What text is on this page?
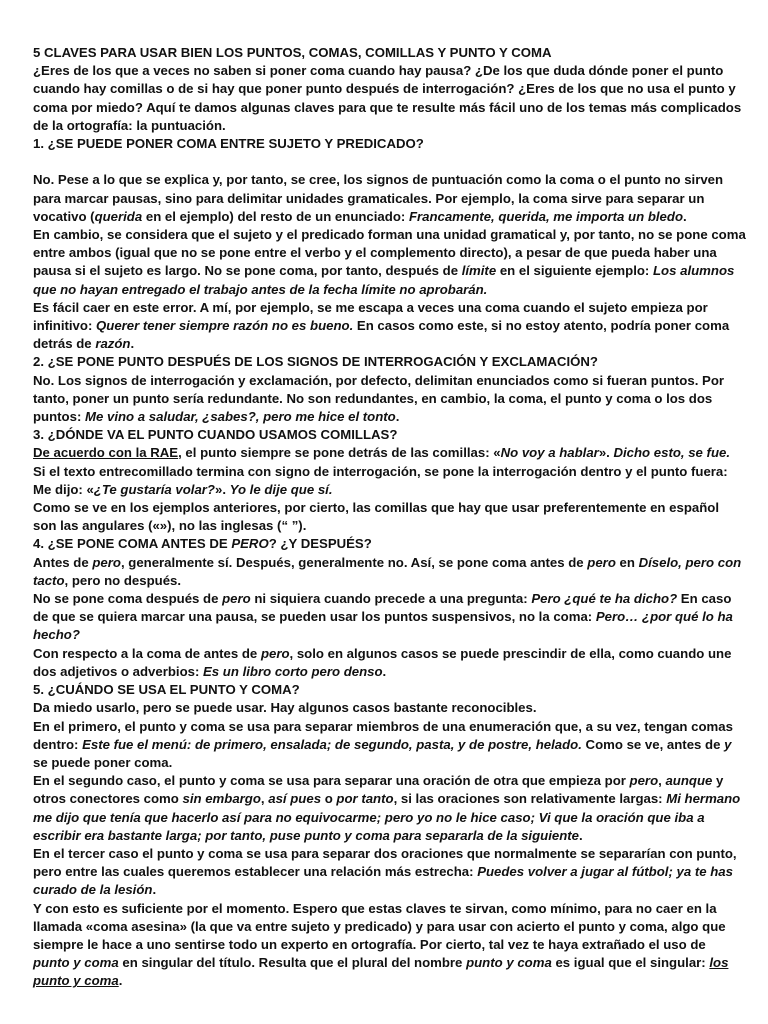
5 CLAVES PARA USAR BIEN LOS PUNTOS, COMAS, COMILLAS Y PUNTO Y COMA

¿Eres de los que a veces no saben si poner coma cuando hay pausa? ¿De los que duda dónde poner el punto cuando hay comillas o de si hay que poner punto después de interrogación? ¿Eres de los que no usa el punto y coma por miedo? Aquí te damos algunas claves para que te resulte más fácil uno de los temas más complicados de la ortografía: la puntuación.

1. ¿SE PUEDE PONER COMA ENTRE SUJETO Y PREDICADO?

No. Pese a lo que se explica y, por tanto, se cree, los signos de puntuación como la coma o el punto no sirven para marcar pausas, sino para delimitar unidades gramaticales. Por ejemplo, la coma sirve para separar un vocativo (querida en el ejemplo) del resto de un enunciado: Francamente, querida, me importa un bledo.

En cambio, se considera que el sujeto y el predicado forman una unidad gramatical y, por tanto, no se pone coma entre ambos (igual que no se pone entre el verbo y el complemento directo), a pesar de que pueda haber una pausa si el sujeto es largo. No se pone coma, por tanto, después de límite en el siguiente ejemplo: Los alumnos que no hayan entregado el trabajo antes de la fecha límite no aprobarán.

Es fácil caer en este error. A mí, por ejemplo, se me escapa a veces una coma cuando el sujeto empieza por infinitivo: Querer tener siempre razón no es bueno. En casos como este, si no estoy atento, podría poner coma detrás de razón.

2. ¿SE PONE PUNTO DESPUÉS DE LOS SIGNOS DE INTERROGACIÓN Y EXCLAMACIÓN?

No. Los signos de interrogación y exclamación, por defecto, delimitan enunciados como si fueran puntos. Por tanto, poner un punto sería redundante. No son redundantes, en cambio, la coma, el punto y coma o los dos puntos: Me vino a saludar, ¿sabes?, pero me hice el tonto.

3. ¿DÓNDE VA EL PUNTO CUANDO USAMOS COMILLAS?

De acuerdo con la RAE, el punto siempre se pone detrás de las comillas: «No voy a hablar». Dicho esto, se fue. Si el texto entrecomillado termina con signo de interrogación, se pone la interrogación dentro y el punto fuera: Me dijo: «¿Te gustaría volar?». Yo le dije que sí.

Como se ve en los ejemplos anteriores, por cierto, las comillas que hay que usar preferentemente en español son las angulares («»), no las inglesas (“ ”).

4. ¿SE PONE COMA ANTES DE PERO? ¿Y DESPUÉS?

Antes de pero, generalmente sí. Después, generalmente no. Así, se pone coma antes de pero en Díselo, pero con tacto, pero no después.

No se pone coma después de pero ni siquiera cuando precede a una pregunta: Pero ¿qué te ha dicho? En caso de que se quiera marcar una pausa, se pueden usar los puntos suspensivos, no la coma: Pero… ¿por qué lo ha hecho?

Con respecto a la coma de antes de pero, solo en algunos casos se puede prescindir de ella, como cuando une dos adjetivos o adverbios: Es un libro corto pero denso.

5. ¿CUÁNDO SE USA EL PUNTO Y COMA?

Da miedo usarlo, pero se puede usar. Hay algunos casos bastante reconocibles.

En el primero, el punto y coma se usa para separar miembros de una enumeración que, a su vez, tengan comas dentro: Este fue el menú: de primero, ensalada; de segundo, pasta, y de postre, helado. Como se ve, antes de y se puede poner coma.

En el segundo caso, el punto y coma se usa para separar una oración de otra que empieza por pero, aunque y otros conectores como sin embargo, así pues o por tanto, si las oraciones son relativamente largas: Mi hermano me dijo que tenía que hacerlo así para no equivocarme; pero yo no le hice caso; Vi que la oración que iba a escribir era bastante larga; por tanto, puse punto y coma para separarla de la siguiente.

En el tercer caso el punto y coma se usa para separar dos oraciones que normalmente se separarían con punto, pero entre las cuales queremos establecer una relación más estrecha: Puedes volver a jugar al fútbol; ya te has curado de la lesión.

Y con esto es suficiente por el momento. Espero que estas claves te sirvan, como mínimo, para no caer en la llamada «coma asesina» (la que va entre sujeto y predicado) y para usar con acierto el punto y coma, algo que siempre le hace a uno sentirse todo un experto en ortografía. Por cierto, tal vez te haya extrañado el uso de punto y coma en singular del título. Resulta que el plural del nombre punto y coma es igual que el singular: los punto y coma.
